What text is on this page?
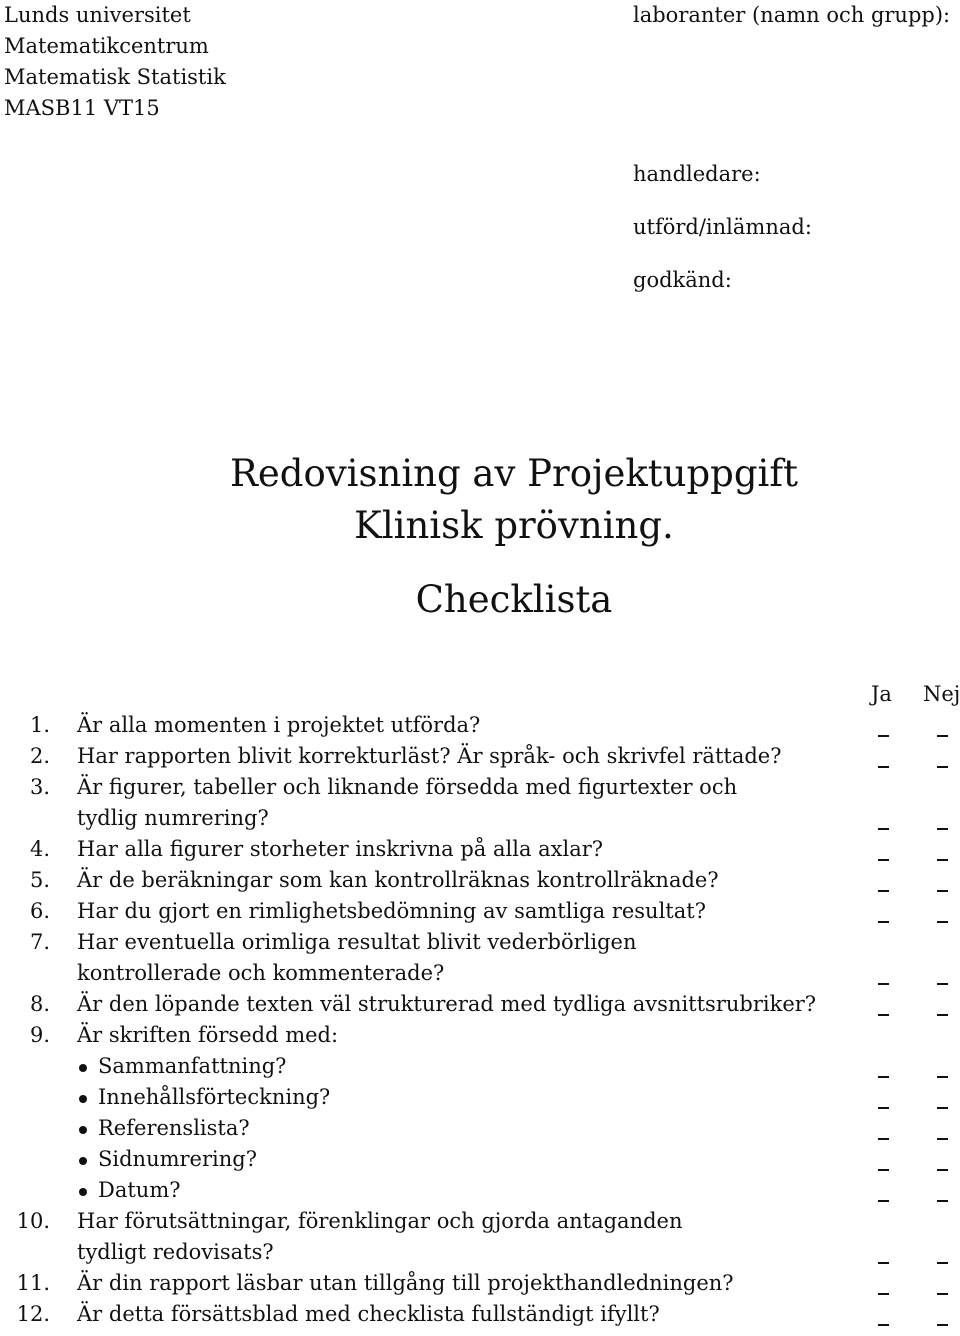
Lunds universitet
Matematikcentrum
Matematisk Statistik
MASB11 VT15
laboranter (namn och grupp):
handledare:
utförd/inlämnad:
godkänd:
Redovisning av Projektuppgift
Klinisk prövning.
Checklista
Ja Nej
1. Är alla momenten i projektet utförda?
2. Har rapporten blivit korrekturläst? Är språk- och skrivfel rättade?
3. Är figurer, tabeller och liknande försedda med figurtexter och
tydlig numrering?
4. Har alla figurer storheter inskrivna på alla axlar?
5. Är de beräkningar som kan kontrollräknas kontrollräknade?
6. Har du gjort en rimlighetsbedömning av samtliga resultat?
7. Har eventuella orimliga resultat blivit vederbörligen
kontrollerade och kommenterade?
8. Är den löpande texten väl strukturerad med tydliga avsnittsrubriker?
9. Är skriften försedd med:
Sammanfattning?
Innehållsförteckning?
Referenslista?
Sidnumrering?
Datum?
10. Har förutsättningar, förenklingar och gjorda antaganden
tydligt redovisats?
11. Är din rapport läsbar utan tillgång till projekthandledningen?
12. Är detta försättsblad med checklista fullständigt ifyllt?
